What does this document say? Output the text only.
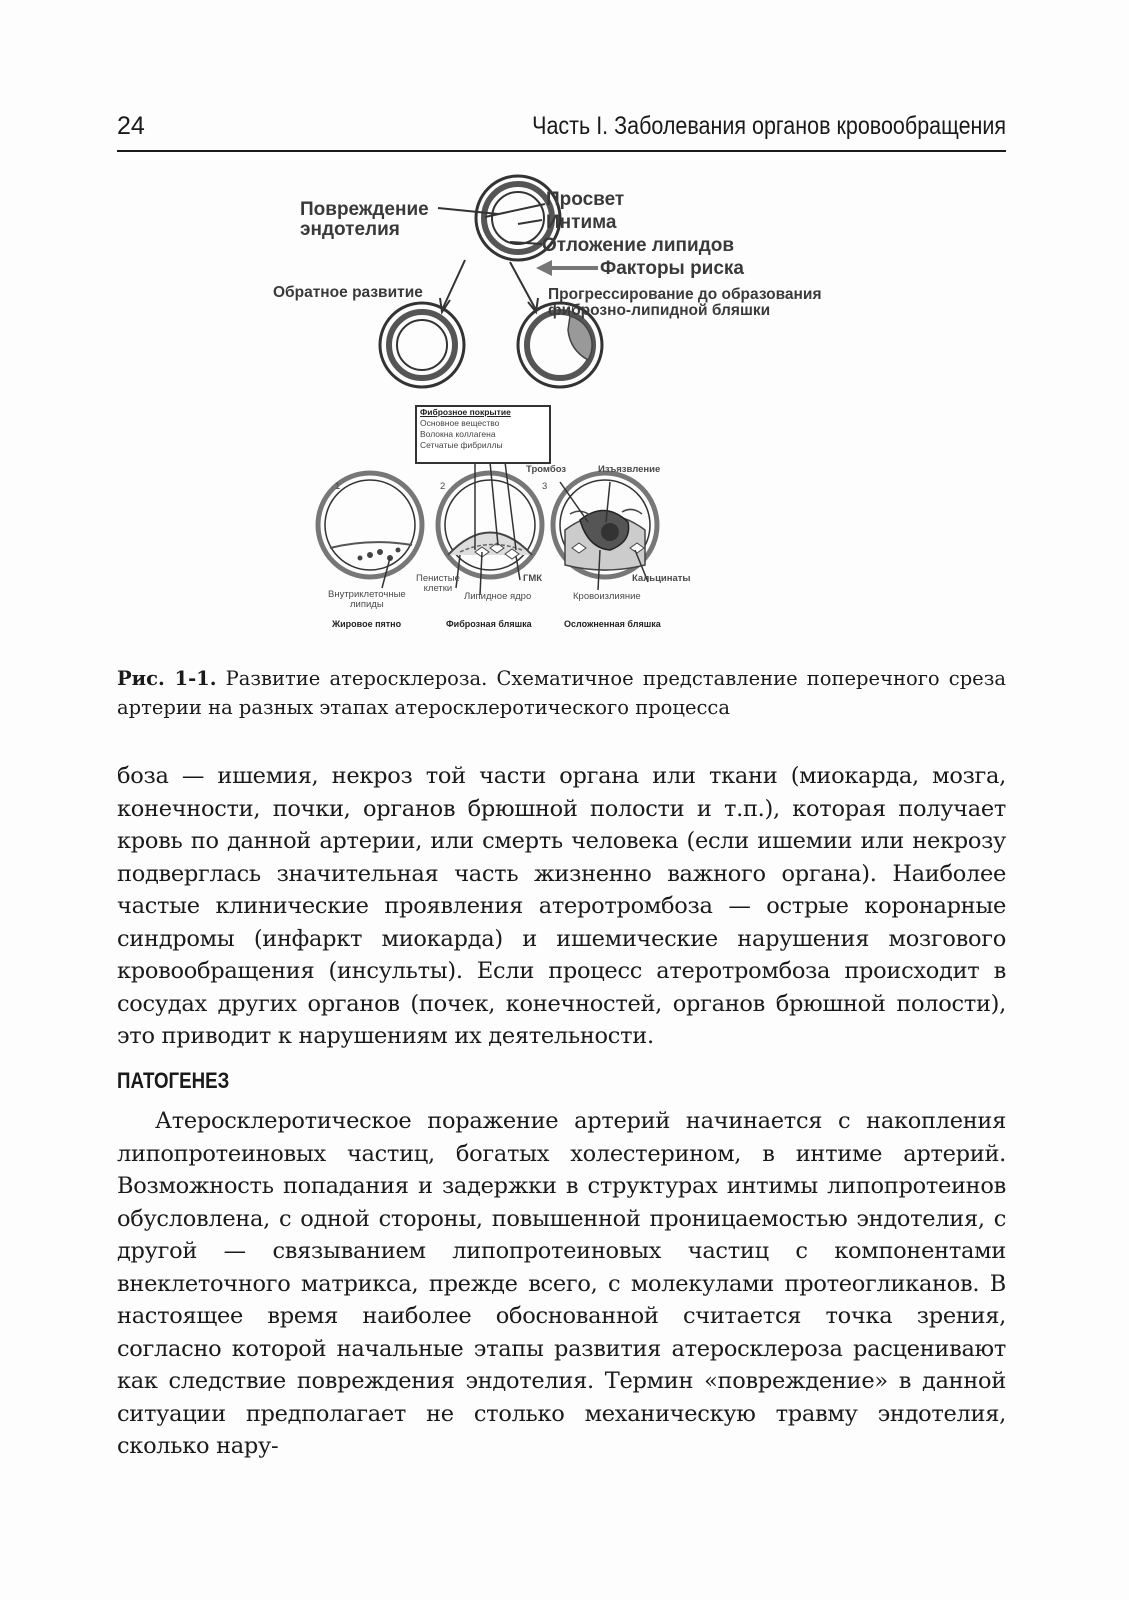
24	Часть I. Заболевания органов кровообращения
Повреждение
эндотелия
Просвет
Интима
Отложение липидов
Факторы риска
Обратное развитие	Прогрессирование до образования
фиброзно-липидной бляшки
Фиброзное покрытие
Основное вещество
Волокна коллагена
Сетчатые фибриллы
Тромбоз	Изъязвление
1	2	3
Пенистые
клетки
ГМК	Кальцинаты
Внутриклеточные
липиды
Липидное ядро	Кровоизлияние
Жировое пятно	Фиброзная бляшка	Осложненная бляшка
Рис. 1-1. Развитие атеросклероза. Схематичное представление поперечного среза артерии на разных этапах атеросклеротического процесса
боза — ишемия, некроз той части органа или ткани (миокарда, мозга, конечности, почки, органов брюшной полости и т.п.), которая получает кровь по данной артерии, или смерть человека (если ишемии или некрозу подверглась значительная часть жизненно важного органа). Наиболее частые клинические проявления атеротромбоза — острые коронарные синдромы (инфаркт миокарда) и ишемические нарушения мозгового кровообращения (инсульты). Если процесс атеротромбоза происходит в сосудах других органов (почек, конечностей, органов брюшной полости), это приводит к нарушениям их деятельности.
ПАТОГЕНЕЗ
Атеросклеротическое поражение артерий начинается с накопления липопротеиновых частиц, богатых холестерином, в интиме артерий. Возможность попадания и задержки в структурах интимы липопротеинов обусловлена, с одной стороны, повышенной проницаемостью эндотелия, с другой — связыванием липопротеиновых частиц с компонентами внеклеточного матрикса, прежде всего, с молекулами протеогликанов. В настоящее время наиболее обоснованной считается точка зрения, согласно которой начальные этапы развития атеросклероза расценивают как следствие повреждения эндотелия. Термин «повреждение» в данной ситуации предполагает не столько механическую травму эндотелия, сколько нару-
